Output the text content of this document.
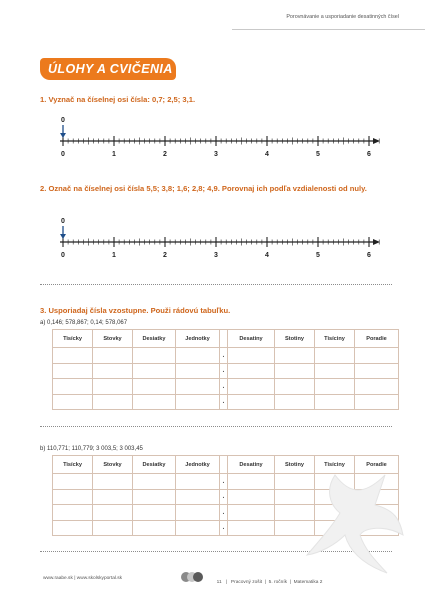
Porovnávanie a usporiadanie desatinných čísel
ÚLOHY A CVIČENIA
1. Vyznač na číselnej osi čísla: 0,7; 2,5; 3,1.
0	1	2	3	4	5	6
0
2. Označ na číselnej osi čísla 5,5; 3,8; 1,6; 2,8; 4,9. Porovnaj ich podľa vzdialenosti od nuly.
0	1	2	3	4	5	6
0
3. Usporiadaj čísla vzostupne. Použi rádovú tabuľku.
a) 0,146; 578,867; 0,14; 578,067
Tisícky	Stovky	Desiatky	Jednotky		Desatiny	Stotiny	Tisíciny	Poradie
				.				
				.				
				.				
				.				
b) 110,771; 110,779; 3 003,5; 3 003,45
Tisícky	Stovky	Desiatky	Jednotky		Desatiny	Stotiny	Tisíciny	Poradie
				.				
				.				
				.				
				.				
www.raabe.sk | www.skolskyportal.sk

11   |   Pracovný zošit  |  5. ročník  |  Matematika 2
